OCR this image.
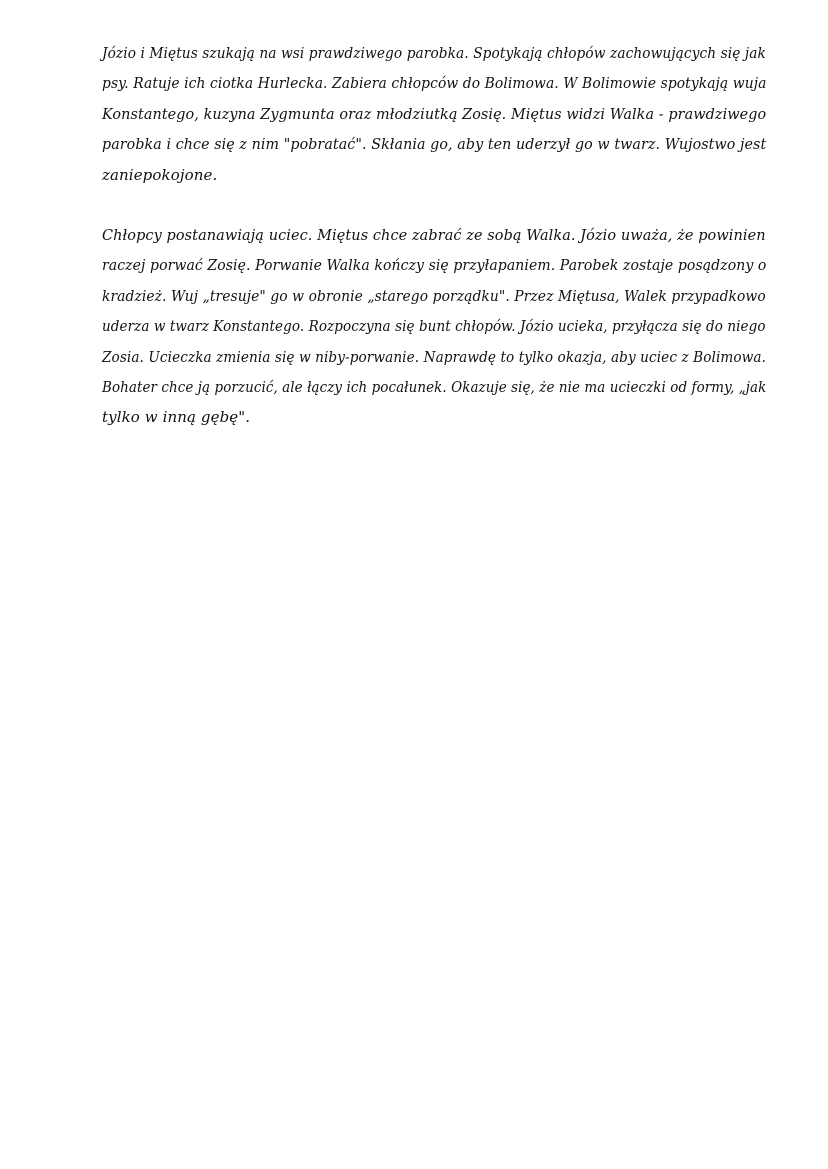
Józio i Miętus szukają na wsi prawdziwego parobka. Spotykają chłopów zachowujących się jak
psy. Ratuje ich ciotka Hurlecka. Zabiera chłopców do Bolimowa. W Bolimowie spotykają wuja
Konstantego, kuzyna Zygmunta oraz młodziutką Zosię. Miętus widzi Walka - prawdziwego
parobka i chce się z nim "pobratać". Skłania go, aby ten uderzył go w twarz. Wujostwo jest
zaniepokojone.
Chłopcy postanawiają uciec. Miętus chce zabrać ze sobą Walka. Józio uważa, że powinien
raczej porwać Zosię. Porwanie Walka kończy się przyłapaniem. Parobek zostaje posądzony o
kradzież. Wuj „tresuje" go w obronie „starego porządku". Przez Miętusa, Walek przypadkowo
uderza w twarz Konstantego. Rozpoczyna się bunt chłopów. Józio ucieka, przyłącza się do niego
Zosia. Ucieczka zmienia się w niby-porwanie. Naprawdę to tylko okazja, aby uciec z Bolimowa.
Bohater chce ją porzucić, ale łączy ich pocałunek. Okazuje się, że nie ma ucieczki od formy, „jak
tylko w inną gębę".
